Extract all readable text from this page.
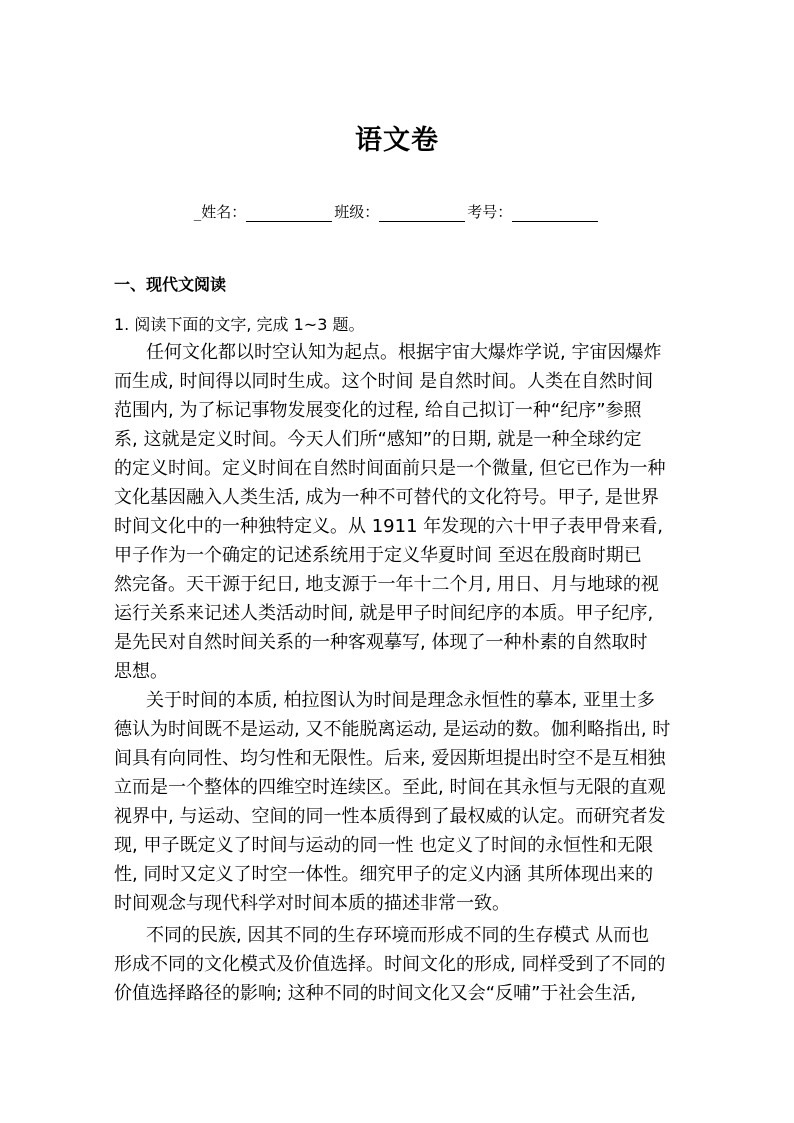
语文卷
_姓名：	班级：	考号：
一、现代文阅读
1. 阅读下面的文字, 完成 1~3 题。
任何文化都以时空认知为起点。根据宇宙大爆炸学说, 宇宙因爆炸
而生成, 时间得以同时生成。这个时间 是自然时间。人类在自然时间
范围内, 为了标记事物发展变化的过程, 给自己拟订一种“纪序”参照
系, 这就是定义时间。今天人们所“感知”的日期, 就是一种全球约定
的定义时间。定义时间在自然时间面前只是一个微量, 但它已作为一种
文化基因融入人类生活, 成为一种不可替代的文化符号。甲子, 是世界
时间文化中的一种独特定义。从 1911 年发现的六十甲子表甲骨来看,
甲子作为一个确定的记述系统用于定义华夏时间 至迟在殷商时期已
然完备。天干源于纪日, 地支源于一年十二个月, 用日、月与地球的视
运行关系来记述人类活动时间, 就是甲子时间纪序的本质。甲子纪序,
是先民对自然时间关系的一种客观摹写, 体现了一种朴素的自然取时
思想。
关于时间的本质, 柏拉图认为时间是理念永恒性的摹本, 亚里士多
德认为时间既不是运动, 又不能脱离运动, 是运动的数。伽利略指出, 时
间具有向同性、均匀性和无限性。后来, 爱因斯坦提出时空不是互相独
立而是一个整体的四维空时连续区。至此, 时间在其永恒与无限的直观
视界中, 与运动、空间的同一性本质得到了最权威的认定。而研究者发
现, 甲子既定义了时间与运动的同一性 也定义了时间的永恒性和无限
性, 同时又定义了时空一体性。细究甲子的定义内涵 其所体现出来的
时间观念与现代科学对时间本质的描述非常一致。
不同的民族, 因其不同的生存环境而形成不同的生存模式 从而也
形成不同的文化模式及价值选择。时间文化的形成, 同样受到了不同的
价值选择路径的影响; 这种不同的时间文化又会“反哺”于社会生活,
